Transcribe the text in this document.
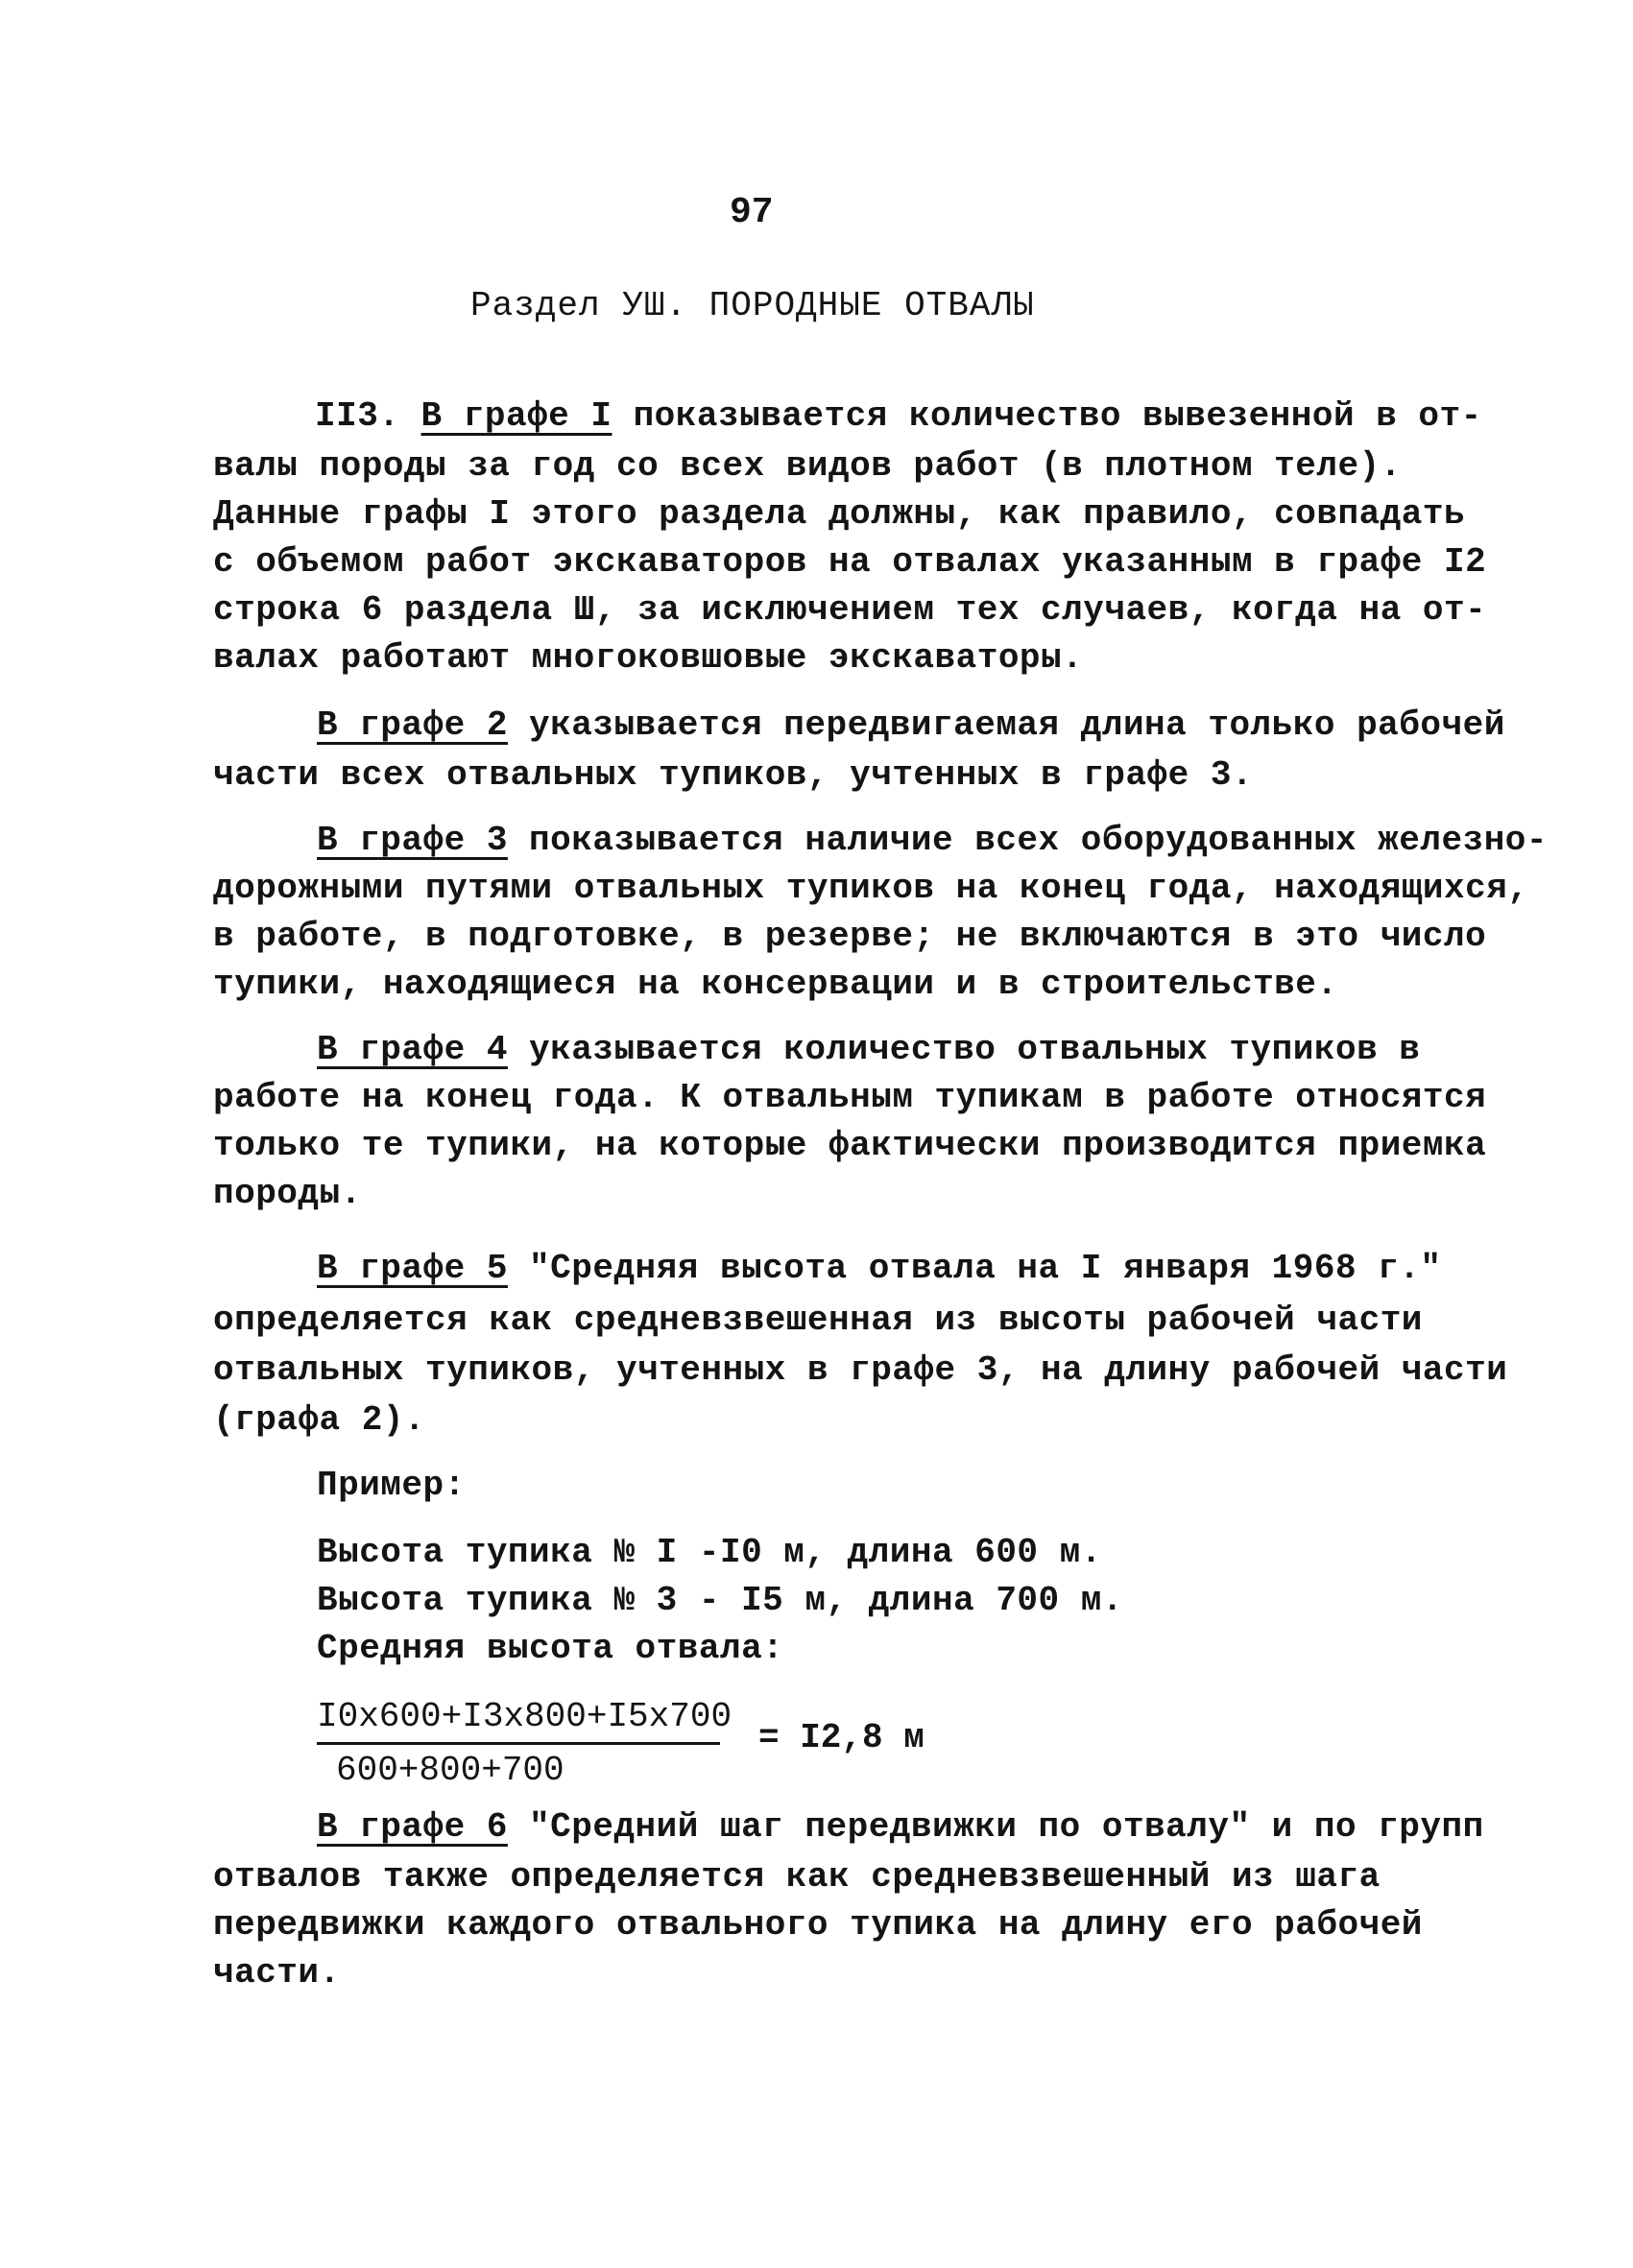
97
Раздел УШ. ПОРОДНЫЕ ОТВАЛЫ
II3. В графе I показывается количество вывезенной в от-
валы породы за год со всех видов работ (в плотном теле).
Данные графы I этого раздела должны, как правило, совпадать
с объемом работ экскаваторов на отвалах указанным в графе I2
строка 6 раздела Ш, за исключением тех случаев, когда на от-
валах работают многоковшовые экскаваторы.
В графе 2 указывается передвигаемая длина только рабочей
части всех отвальных тупиков, учтенных в графе 3.
В графе 3 показывается наличие всех оборудованных железно-
дорожными путями отвальных тупиков на конец года, находящихся,
в работе, в подготовке, в резерве; не включаются в это число
тупики, находящиеся на консервации и в строительстве.
В графе 4 указывается количество отвальных тупиков в
работе на конец года. К отвальным тупикам в работе относятся
только те тупики, на которые фактически производится приемка
породы.
В графе 5 "Средняя высота отвала на I января 1968 г."
определяется как средневзвешенная из высоты рабочей части
отвальных тупиков, учтенных в графе 3, на длину рабочей части
(графа 2).
Пример:
Высота тупика № I -I0 м, длина 600 м.
Высота тупика № 3 - I5 м, длина 700 м.
Средняя высота отвала:
$\frac{I0x600+I3x800+I5x700}{600+800+700} = I2,8$ м
В графе 6 "Средний шаг передвижки по отвалу" и по групп
отвалов также определяется как средневзвешенный из шага
передвижки каждого отвального тупика на длину его рабочей
части.
